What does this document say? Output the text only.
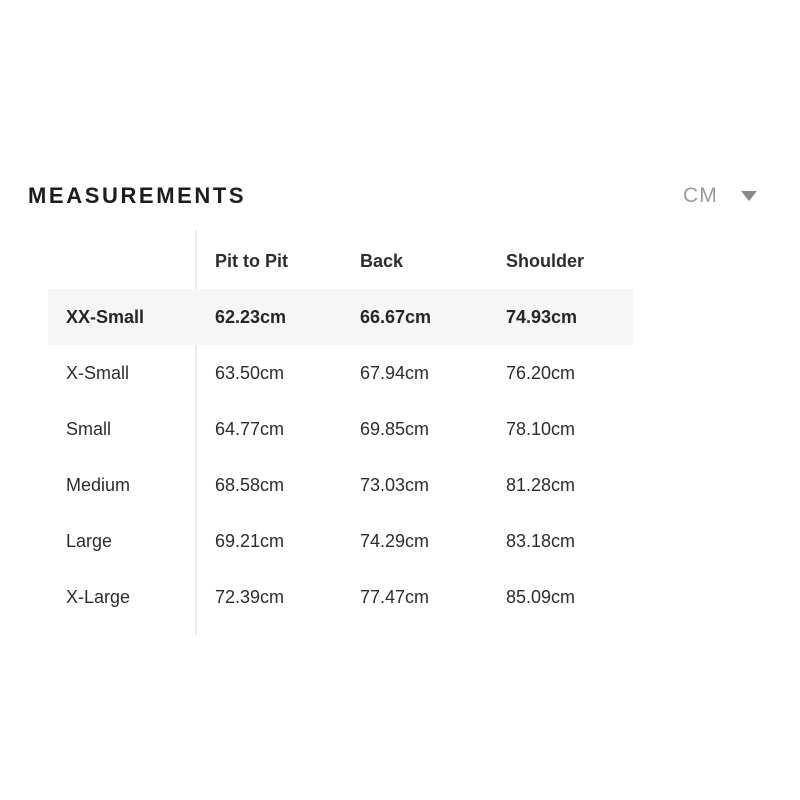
MEASUREMENTS	CM
	Pit to Pit	Back	Shoulder
XX-Small	62.23cm	66.67cm	74.93cm
X-Small	63.50cm	67.94cm	76.20cm
Small	64.77cm	69.85cm	78.10cm
Medium	68.58cm	73.03cm	81.28cm
Large	69.21cm	74.29cm	83.18cm
X-Large	72.39cm	77.47cm	85.09cm
